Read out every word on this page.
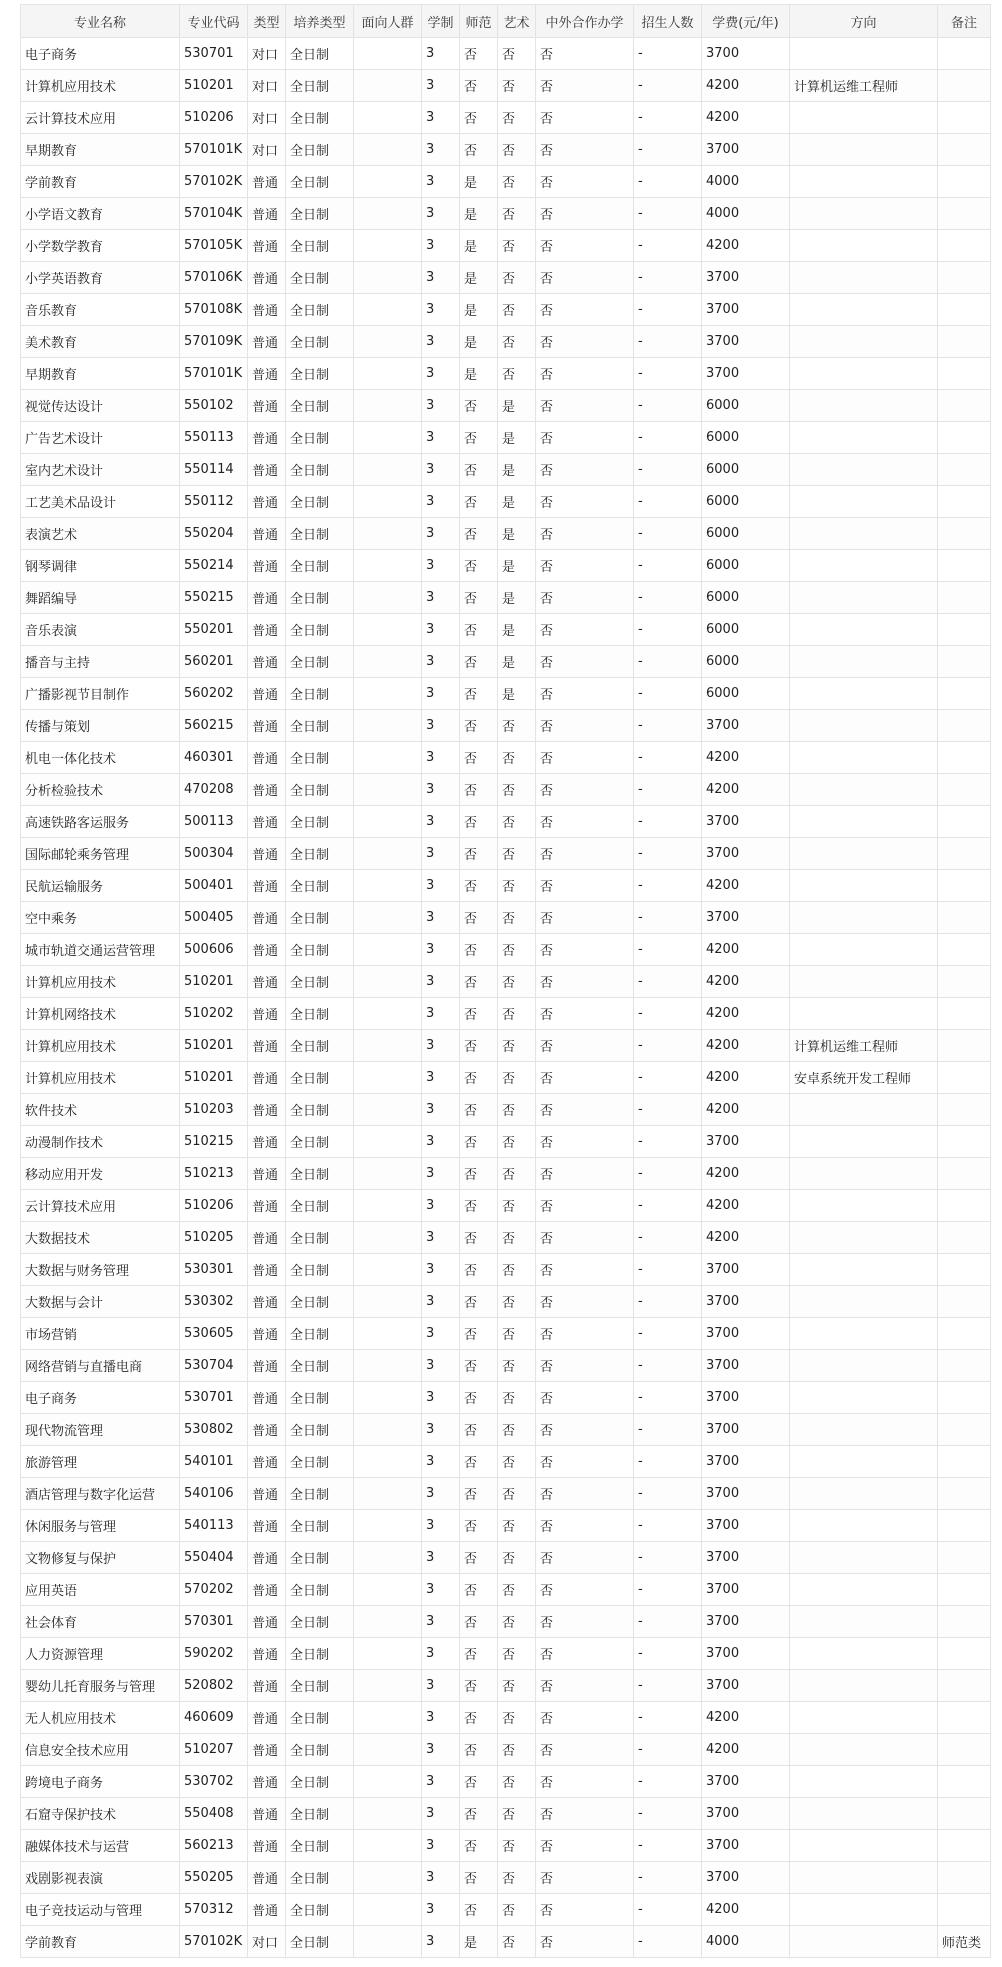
专业名称	专业代码	类型	培养类型	面向人群	学制	师范	艺术	中外合作办学	招生人数	学费(元/年)	方向	备注
电子商务	530701	对口	全日制		3	否	否	否	-	3700		
计算机应用技术	510201	对口	全日制		3	否	否	否	-	4200	计算机运维工程师	
云计算技术应用	510206	对口	全日制		3	否	否	否	-	4200		
早期教育	570101K	对口	全日制		3	否	否	否	-	3700		
学前教育	570102K	普通	全日制		3	是	否	否	-	4000		
小学语文教育	570104K	普通	全日制		3	是	否	否	-	4000		
小学数学教育	570105K	普通	全日制		3	是	否	否	-	4200		
小学英语教育	570106K	普通	全日制		3	是	否	否	-	3700		
音乐教育	570108K	普通	全日制		3	是	否	否	-	3700		
美术教育	570109K	普通	全日制		3	是	否	否	-	3700		
早期教育	570101K	普通	全日制		3	是	否	否	-	3700		
视觉传达设计	550102	普通	全日制		3	否	是	否	-	6000		
广告艺术设计	550113	普通	全日制		3	否	是	否	-	6000		
室内艺术设计	550114	普通	全日制		3	否	是	否	-	6000		
工艺美术品设计	550112	普通	全日制		3	否	是	否	-	6000		
表演艺术	550204	普通	全日制		3	否	是	否	-	6000		
钢琴调律	550214	普通	全日制		3	否	是	否	-	6000		
舞蹈编导	550215	普通	全日制		3	否	是	否	-	6000		
音乐表演	550201	普通	全日制		3	否	是	否	-	6000		
播音与主持	560201	普通	全日制		3	否	是	否	-	6000		
广播影视节目制作	560202	普通	全日制		3	否	是	否	-	6000		
传播与策划	560215	普通	全日制		3	否	否	否	-	3700		
机电一体化技术	460301	普通	全日制		3	否	否	否	-	4200		
分析检验技术	470208	普通	全日制		3	否	否	否	-	4200		
高速铁路客运服务	500113	普通	全日制		3	否	否	否	-	3700		
国际邮轮乘务管理	500304	普通	全日制		3	否	否	否	-	3700		
民航运输服务	500401	普通	全日制		3	否	否	否	-	4200		
空中乘务	500405	普通	全日制		3	否	否	否	-	3700		
城市轨道交通运营管理	500606	普通	全日制		3	否	否	否	-	4200		
计算机应用技术	510201	普通	全日制		3	否	否	否	-	4200		
计算机网络技术	510202	普通	全日制		3	否	否	否	-	4200		
计算机应用技术	510201	普通	全日制		3	否	否	否	-	4200	计算机运维工程师	
计算机应用技术	510201	普通	全日制		3	否	否	否	-	4200	安卓系统开发工程师	
软件技术	510203	普通	全日制		3	否	否	否	-	4200		
动漫制作技术	510215	普通	全日制		3	否	否	否	-	3700		
移动应用开发	510213	普通	全日制		3	否	否	否	-	4200		
云计算技术应用	510206	普通	全日制		3	否	否	否	-	4200		
大数据技术	510205	普通	全日制		3	否	否	否	-	4200		
大数据与财务管理	530301	普通	全日制		3	否	否	否	-	3700		
大数据与会计	530302	普通	全日制		3	否	否	否	-	3700		
市场营销	530605	普通	全日制		3	否	否	否	-	3700		
网络营销与直播电商	530704	普通	全日制		3	否	否	否	-	3700		
电子商务	530701	普通	全日制		3	否	否	否	-	3700		
现代物流管理	530802	普通	全日制		3	否	否	否	-	3700		
旅游管理	540101	普通	全日制		3	否	否	否	-	3700		
酒店管理与数字化运营	540106	普通	全日制		3	否	否	否	-	3700		
休闲服务与管理	540113	普通	全日制		3	否	否	否	-	3700		
文物修复与保护	550404	普通	全日制		3	否	否	否	-	3700		
应用英语	570202	普通	全日制		3	否	否	否	-	3700		
社会体育	570301	普通	全日制		3	否	否	否	-	3700		
人力资源管理	590202	普通	全日制		3	否	否	否	-	3700		
婴幼儿托育服务与管理	520802	普通	全日制		3	否	否	否	-	3700		
无人机应用技术	460609	普通	全日制		3	否	否	否	-	4200		
信息安全技术应用	510207	普通	全日制		3	否	否	否	-	4200		
跨境电子商务	530702	普通	全日制		3	否	否	否	-	3700		
石窟寺保护技术	550408	普通	全日制		3	否	否	否	-	3700		
融媒体技术与运营	560213	普通	全日制		3	否	否	否	-	3700		
戏剧影视表演	550205	普通	全日制		3	否	否	否	-	3700		
电子竞技运动与管理	570312	普通	全日制		3	否	否	否	-	4200		
学前教育	570102K	对口	全日制		3	是	否	否	-	4000		师范类
